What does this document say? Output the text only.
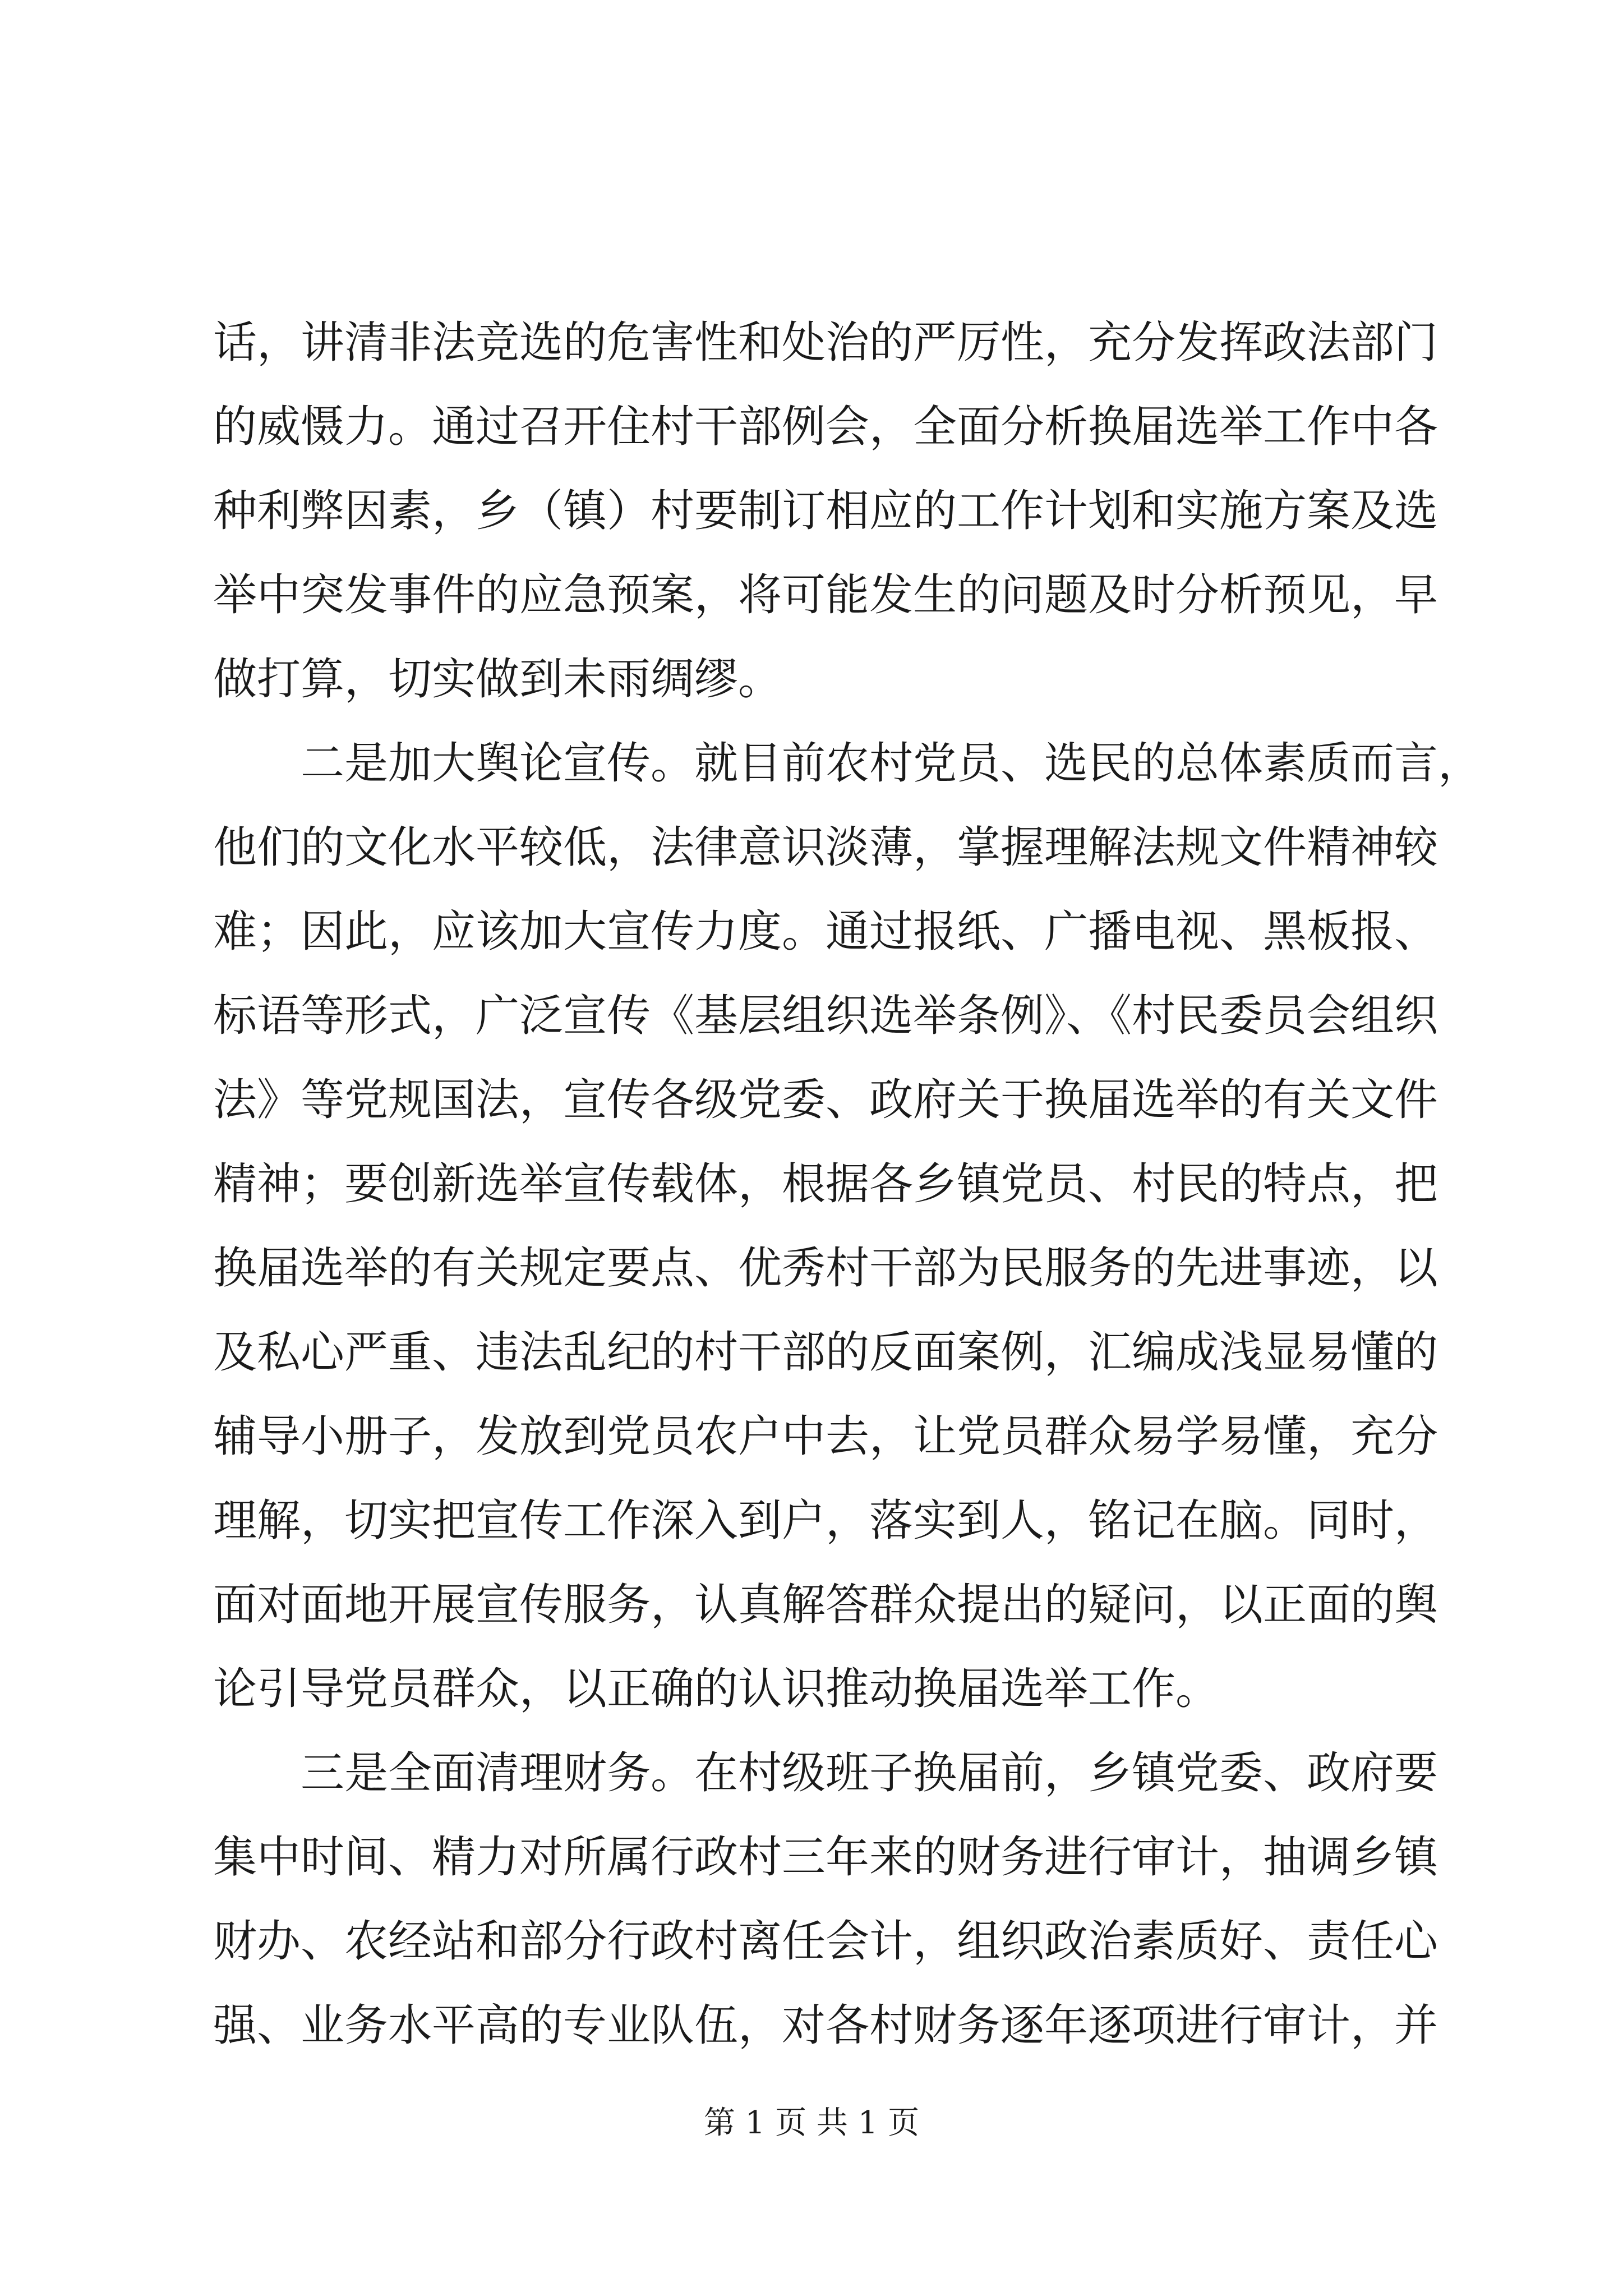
话，讲清非法竞选的危害性和处治的严厉性，充分发挥政法部门
的威慑力。通过召开住村干部例会，全面分析换届选举工作中各
种利弊因素，乡（镇）村要制订相应的工作计划和实施方案及选
举中突发事件的应急预案，将可能发生的问题及时分析预见，早
做打算，切实做到未雨绸缪。
　　二是加大舆论宣传。就目前农村党员、选民的总体素质而言，
他们的文化水平较低，法律意识淡薄，掌握理解法规文件精神较
难；因此，应该加大宣传力度。通过报纸、广播电视、黑板报、
标语等形式，广泛宣传《基层组织选举条例》、《村民委员会组织
法》等党规国法，宣传各级党委、政府关于换届选举的有关文件
精神；要创新选举宣传载体，根据各乡镇党员、村民的特点，把
换届选举的有关规定要点、优秀村干部为民服务的先进事迹，以
及私心严重、违法乱纪的村干部的反面案例，汇编成浅显易懂的
辅导小册子，发放到党员农户中去，让党员群众易学易懂，充分
理解，切实把宣传工作深入到户，落实到人，铭记在脑。同时，
面对面地开展宣传服务，认真解答群众提出的疑问，以正面的舆
论引导党员群众，以正确的认识推动换届选举工作。
　　三是全面清理财务。在村级班子换届前，乡镇党委、政府要
集中时间、精力对所属行政村三年来的财务进行审计，抽调乡镇
财办、农经站和部分行政村离任会计，组织政治素质好、责任心
强、业务水平高的专业队伍，对各村财务逐年逐项进行审计，并
第 1 页 共 1 页
